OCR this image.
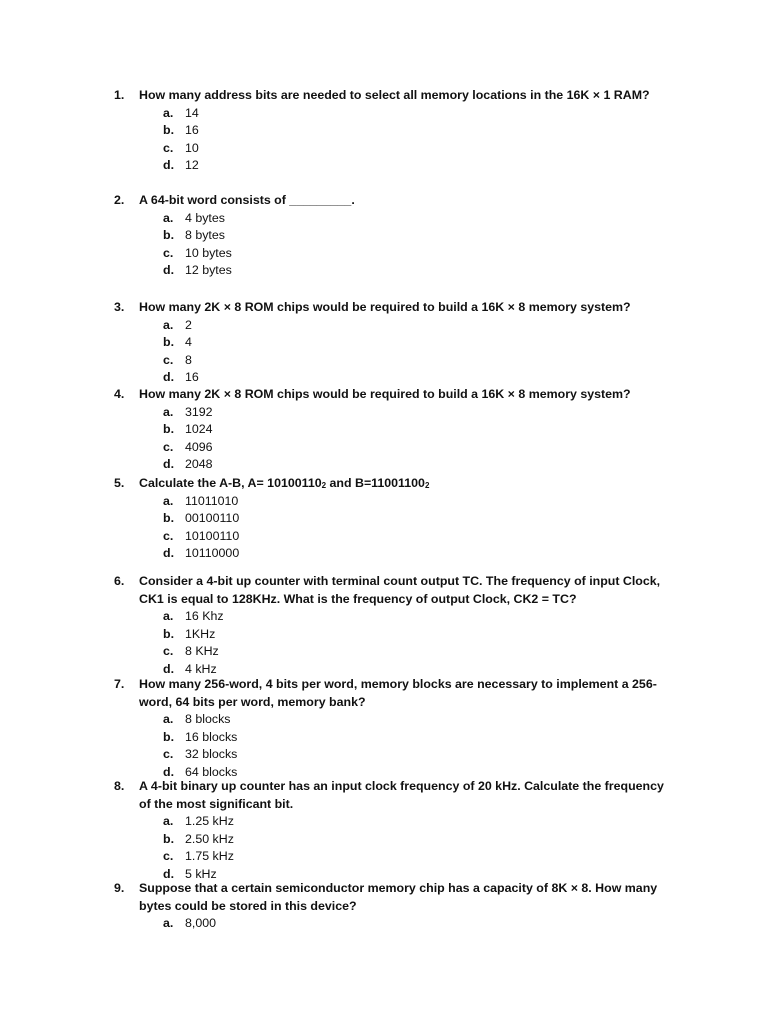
1.	How many address bits are needed to select all memory locations in the 16K × 1 RAM?
a. 14
b. 16
c. 10
d. 12
2.	A 64-bit word consists of _________.
a. 4 bytes
b. 8 bytes
c. 10 bytes
d. 12 bytes
3.	How many 2K × 8 ROM chips would be required to build a 16K × 8 memory system?
a. 2
b. 4
c. 8
d. 16
4.	How many 2K × 8 ROM chips would be required to build a 16K × 8 memory system?
a. 3192
b. 1024
c. 4096
d. 2048
5.	Calculate the A-B, $A= 10100110_2$ and $B=11001100_2$
a. 11011010
b. 00100110
c. 10100110
d. 10110000
6.	Consider a 4-bit up counter with terminal count output TC. The frequency of input Clock, CK1 is equal to 128KHz. What is the frequency of output Clock, CK2 = TC?
a. 16 Khz
b. 1KHz
c. 8 KHz
d. 4 kHz
7.	How many 256-word, 4 bits per word, memory blocks are necessary to implement a 256-word, 64 bits per word, memory bank?
a. 8 blocks
b. 16 blocks
c. 32 blocks
d. 64 blocks
8.	A 4-bit binary up counter has an input clock frequency of 20 kHz. Calculate the frequency of the most significant bit.
a. 1.25 kHz
b. 2.50 kHz
c. 1.75 kHz
d. 5 kHz
9.	Suppose that a certain semiconductor memory chip has a capacity of 8K × 8. How many bytes could be stored in this device?
a. 8,000
